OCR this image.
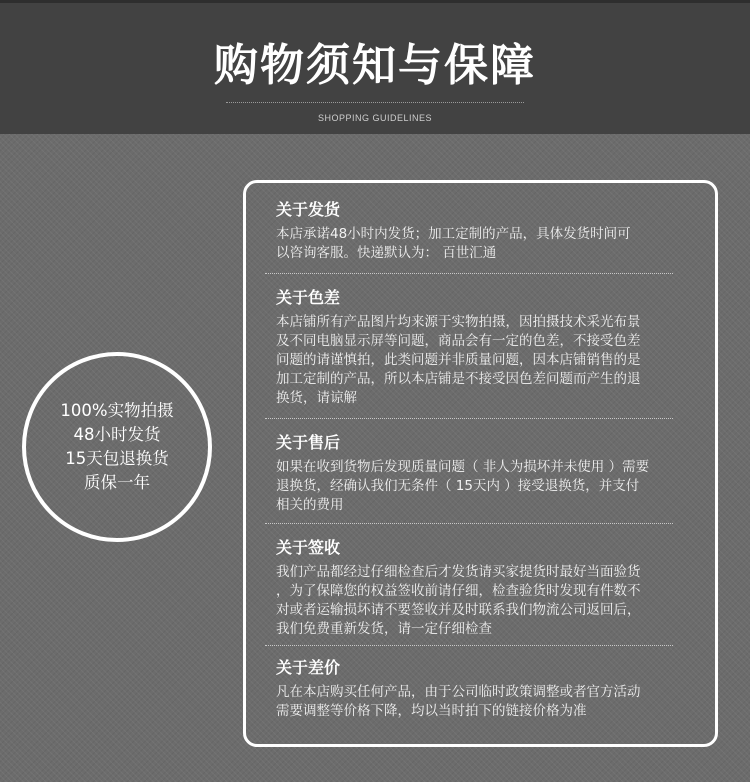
购物须知与保障
SHOPPING GUIDELINES
100%实物拍摄
48小时发货
15天包退换货
质保一年
关于发货

本店承诺48小时内发货；加工定制的产品，具体发货时间可
以咨询客服。快递默认为： 百世汇通

关于色差

本店铺所有产品图片均来源于实物拍摄，因拍摄技术采光布景
及不同电脑显示屏等问题，商品会有一定的色差，不接受色差
问题的请谨慎拍，此类问题并非质量问题，因本店铺销售的是
加工定制的产品，所以本店铺是不接受因色差问题而产生的退
换货，请谅解

关于售后

如果在收到货物后发现质量问题（ 非人为损坏并未使用 ）需要
退换货，经确认我们无条件（ 15天内 ）接受退换货，并支付
相关的费用

关于签收

我们产品都经过仔细检查后才发货请买家提货时最好当面验货
，为了保障您的权益签收前请仔细，检查验货时发现有件数不
对或者运输损坏请不要签收并及时联系我们物流公司返回后，
我们免费重新发货，请一定仔细检查

关于差价

凡在本店购买任何产品，由于公司临时政策调整或者官方活动
需要调整等价格下降，均以当时拍下的链接价格为准
